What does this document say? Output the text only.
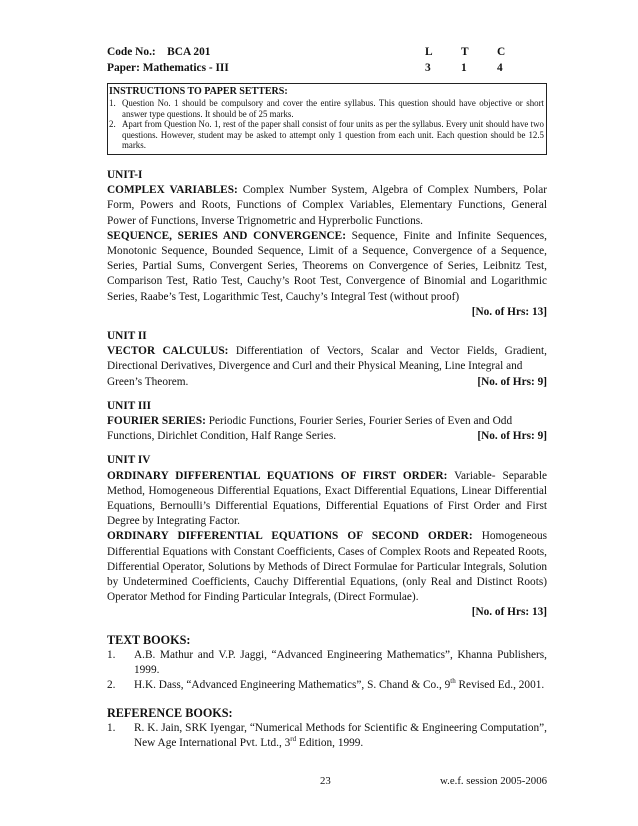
Code No.: BCA 201	L T C
Paper: Mathematics - III	3	1	4
INSTRUCTIONS TO PAPER SETTERS:
1. Question No. 1 should be compulsory and cover the entire syllabus. This question should have objective or short answer type questions. It should be of 25 marks.
2. Apart from Question No. 1, rest of the paper shall consist of four units as per the syllabus. Every unit should have two questions. However, student may be asked to attempt only 1 question from each unit. Each question should be 12.5 marks.
UNIT-I
COMPLEX VARIABLES: Complex Number System, Algebra of Complex Numbers, Polar Form, Powers and Roots, Functions of Complex Variables, Elementary Functions, General Power of Functions, Inverse Trignometric and Hyprerbolic Functions.
SEQUENCE, SERIES AND CONVERGENCE: Sequence, Finite and Infinite Sequences, Monotonic Sequence, Bounded Sequence, Limit of a Sequence, Convergence of a Sequence, Series, Partial Sums, Convergent Series, Theorems on Convergence of Series, Leibnitz Test, Comparison Test, Ratio Test, Cauchy’s Root Test, Convergence of Binomial and Logarithmic Series, Raabe’s Test, Logarithmic Test, Cauchy’s Integral Test (without proof)
[No. of Hrs: 13]
UNIT II
VECTOR CALCULUS: Differentiation of Vectors, Scalar and Vector Fields, Gradient, Directional Derivatives, Divergence and Curl and their Physical Meaning, Line Integral and
Green’s Theorem.	[No. of Hrs: 9]
UNIT III
FOURIER SERIES: Periodic Functions, Fourier Series, Fourier Series of Even and Odd
Functions, Dirichlet Condition, Half Range Series.	[No. of Hrs: 9]
UNIT IV
ORDINARY DIFFERENTIAL EQUATIONS OF FIRST ORDER: Variable- Separable Method, Homogeneous Differential Equations, Exact Differential Equations, Linear Differential Equations, Bernoulli’s Differential Equations, Differential Equations of First Order and First Degree by Integrating Factor.
ORDINARY DIFFERENTIAL EQUATIONS OF SECOND ORDER: Homogeneous Differential Equations with Constant Coefficients, Cases of Complex Roots and Repeated Roots, Differential Operator, Solutions by Methods of Direct Formulae for Particular Integrals, Solution by Undetermined Coefficients, Cauchy Differential Equations, (only Real and Distinct Roots) Operator Method for Finding Particular Integrals, (Direct Formulae).
[No. of Hrs: 13]
TEXT BOOKS:
1.	A.B. Mathur and V.P. Jaggi, “Advanced Engineering Mathematics”, Khanna Publishers, 1999.
2.	H.K. Dass, “Advanced Engineering Mathematics”, S. Chand & Co., 9th Revised Ed., 2001.
REFERENCE BOOKS:
1.	R. K. Jain, SRK Iyengar, “Numerical Methods for Scientific & Engineering Computation”, New Age International Pvt. Ltd., 3rd Edition, 1999.
23	w.e.f. session 2005-2006
